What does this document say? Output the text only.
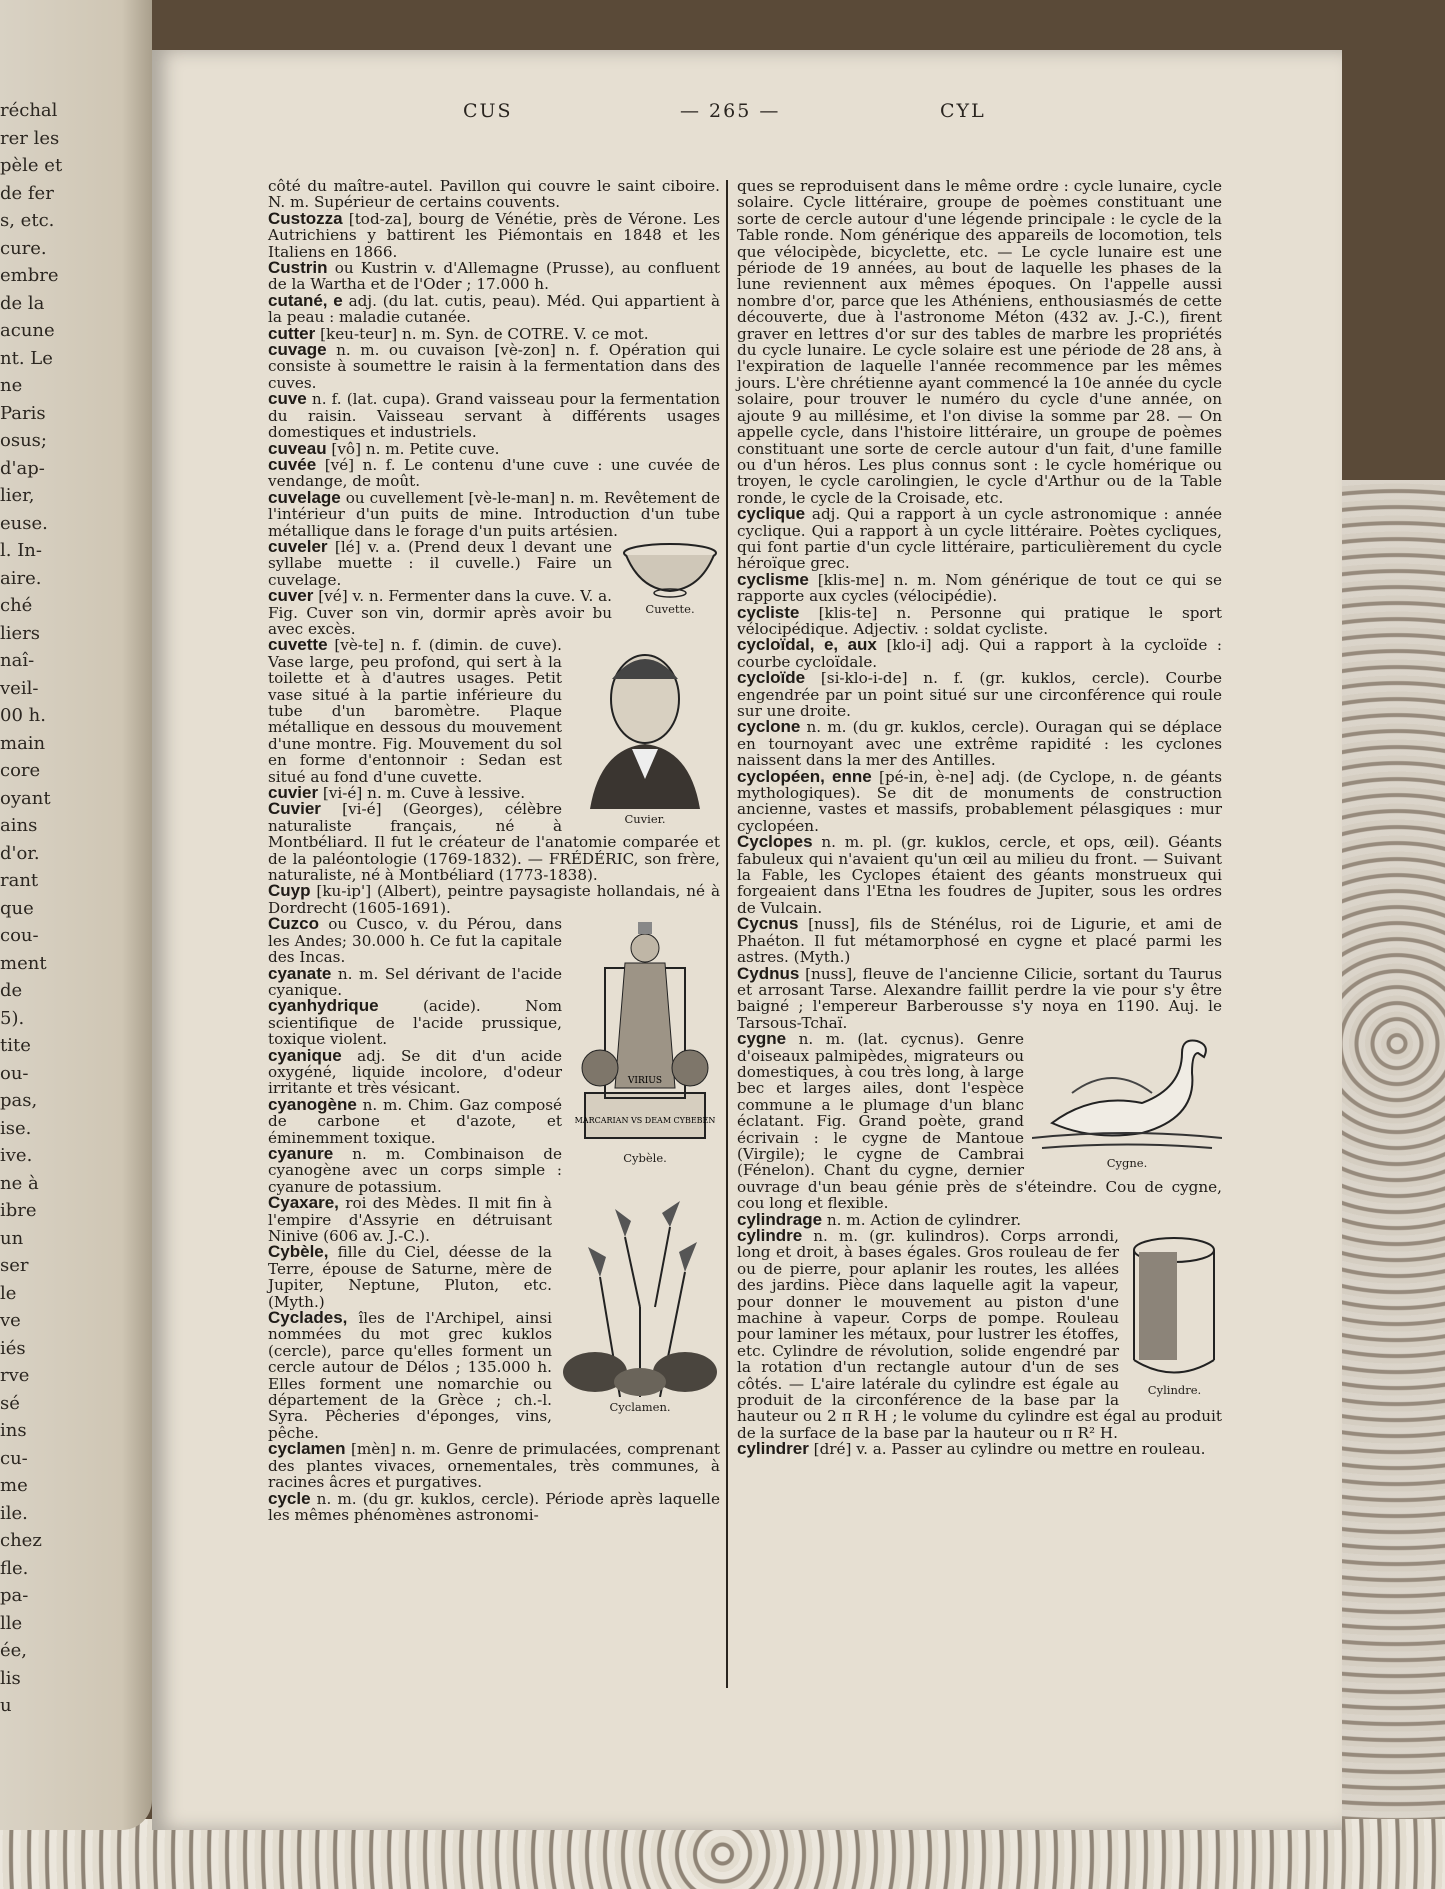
réchal
rer les
pèle et
de fer
s, etc.
cure.
embre
de la
acune
nt. Le
ne
Paris
osus;
d'ap-
lier,
euse.
l. In-
aire.
ché
liers
naî-
veil-
00 h.
main
core
oyant
ains
d'or.
rant
que
cou-
ment
de
5).
tite
ou-
pas,
ise.
ive.
ne à
ibre
un
ser
le
ve
iés
rve
sé
ins
cu-
me
ile.
chez
fle.
pa-
lle
ée,
lis
u
CUS	— 265 —	CYL

côté du maître-autel. Pavillon qui couvre le saint ciboire. N. m. Supérieur de certains couvents.

Custozza [tod-za], bourg de Vénétie, près de Vérone. Les Autrichiens y battirent les Piémontais en 1848 et les Italiens en 1866.

Custrin ou Kustrin v. d'Allemagne (Prusse), au confluent de la Wartha et de l'Oder ; 17.000 h.

cutané, e adj. (du lat. cutis, peau). Méd. Qui appartient à la peau : maladie cutanée.

cutter [keu-teur] n. m. Syn. de COTRE. V. ce mot.

cuvage n. m. ou cuvaison [vè-zon] n. f. Opération qui consiste à soumettre le raisin à la fermentation dans des cuves.

cuve n. f. (lat. cupa). Grand vaisseau pour la fermentation du raisin. Vaisseau servant à différents usages domestiques et industriels.

cuveau [vô] n. m. Petite cuve.

cuvée [vé] n. f. Le contenu d'une cuve : une cuvée de vendange, de moût.

cuvelage ou cuvellement [vè-le-man] n. m. Revêtement de l'intérieur d'un puits de mine. Introduction d'un tube métallique dans le forage d'un puits artésien.

Cuvette.

cuveler [lé] v. a. (Prend deux l devant une syllabe muette : il cuvelle.) Faire un cuvelage.

cuver [vé] v. n. Fermenter dans la cuve. V. a. Fig. Cuver son vin, dormir après avoir bu avec excès.

Cuvier.

cuvette [vè-te] n. f. (dimin. de cuve). Vase large, peu profond, qui sert à la toilette et à d'autres usages. Petit vase situé à la partie inférieure du tube d'un baromètre. Plaque métallique en dessous du mouvement d'une montre. Fig. Mouvement du sol en forme d'entonnoir : Sedan est situé au fond d'une cuvette.

cuvier [vi-é] n. m. Cuve à lessive.

Cuvier [vi-é] (Georges), célèbre naturaliste français, né à Montbéliard. Il fut le créateur de l'anatomie comparée et de la paléontologie (1769-1832). — FRÉDÉRIC, son frère, naturaliste, né à Montbéliard (1773-1838).

Cuyp [ku-ip'] (Albert), peintre paysagiste hollandais, né à Dordrecht (1605-1691).

VIRIUS
MARCARIAN VS DEAM CYBEBEN
Cybèle.

Cuzco ou Cusco, v. du Pérou, dans les Andes; 30.000 h. Ce fut la capitale des Incas.

cyanate n. m. Sel dérivant de l'acide cyanique.

cyanhydrique	(acide). Nom scientifique de l'acide prussique, toxique violent.

cyanique adj. Se dit d'un acide oxygéné, liquide incolore, d'odeur irritante et très vésicant.

cyanogène n. m. Chim. Gaz composé de carbone et d'azote, et éminemment toxique.

cyanure n. m. Combinaison de cyanogène avec un corps simple : cyanure de potassium.

Cyclamen.

Cyaxare, roi des Mèdes. Il mit fin à l'empire d'Assyrie en détruisant Ninive (606 av. J.-C.).

Cybèle, fille du Ciel, déesse de la Terre, épouse de Saturne, mère de Jupiter, Neptune, Pluton, etc. (Myth.)

Cyclades, îles de l'Archipel, ainsi nommées du mot grec kuklos (cercle), parce qu'elles forment un cercle autour de Délos ; 135.000 h. Elles forment une nomarchie ou département de la Grèce ; ch.-l. Syra. Pêcheries d'éponges, vins, pêche.

cyclamen [mèn] n. m. Genre de primulacées, comprenant des plantes vivaces, ornementales, très communes, à racines âcres et purgatives.

cycle n. m. (du gr. kuklos, cercle). Période après laquelle les mêmes phénomènes astronomi-

ques se reproduisent dans le même ordre : cycle lunaire, cycle solaire. Cycle littéraire, groupe de poèmes constituant une sorte de cercle autour d'une légende principale : le cycle de la Table ronde. Nom générique des appareils de locomotion, tels que vélocipède, bicyclette, etc. — Le cycle lunaire est une période de 19 années, au bout de laquelle les phases de la lune reviennent aux mêmes époques. On l'appelle aussi nombre d'or, parce que les Athéniens, enthousiasmés de cette découverte, due à l'astronome Méton (432 av. J.-C.), firent graver en lettres d'or sur des tables de marbre les propriétés du cycle lunaire. Le cycle solaire est une période de 28 ans, à l'expiration de laquelle l'année recommence par les mêmes jours. L'ère chrétienne ayant commencé la 10e année du cycle solaire, pour trouver le numéro du cycle d'une année, on ajoute 9 au millésime, et l'on divise la somme par 28. — On appelle cycle, dans l'histoire littéraire, un groupe de poèmes constituant une sorte de cercle autour d'un fait, d'une famille ou d'un héros. Les plus connus sont : le cycle homérique ou troyen, le cycle carolingien, le cycle d'Arthur ou de la Table ronde, le cycle de la Croisade, etc.

cyclique adj. Qui a rapport à un cycle astronomique : année cyclique. Qui a rapport à un cycle littéraire. Poètes cycliques, qui font partie d'un cycle littéraire, particulièrement du cycle héroïque grec.

cyclisme [klis-me] n. m. Nom générique de tout ce qui se rapporte aux cycles (vélocipédie).

cycliste [klis-te] n. Personne qui pratique le sport vélocipédique. Adjectiv. : soldat cycliste.

cycloïdal, e, aux [klo-i] adj. Qui a rapport à la cycloïde : courbe cycloïdale.

cycloïde [si-klo-i-de] n. f. (gr. kuklos, cercle). Courbe engendrée par un point situé sur une circonférence qui roule sur une droite.

cyclone n. m. (du gr. kuklos, cercle). Ouragan qui se déplace en tournoyant avec une extrême rapidité : les cyclones naissent dans la mer des Antilles.

cyclopéen, enne [pé-in, è-ne] adj. (de Cyclope, n. de géants mythologiques). Se dit de monuments de construction ancienne, vastes et massifs, probablement pélasgiques : mur cyclopéen.

Cyclopes n. m. pl. (gr. kuklos, cercle, et ops, œil). Géants fabuleux qui n'avaient qu'un œil au milieu du front. — Suivant la Fable, les Cyclopes étaient des géants monstrueux qui forgeaient dans l'Etna les foudres de Jupiter, sous les ordres de Vulcain.

Cycnus [nuss], fils de Sténélus, roi de Ligurie, et ami de Phaéton. Il fut métamorphosé en cygne et placé parmi les astres. (Myth.)

Cydnus [nuss], fleuve de l'ancienne Cilicie, sortant du Taurus et arrosant Tarse. Alexandre faillit perdre la vie pour s'y être baigné ; l'empereur Barberousse s'y noya en 1190. Auj. le Tarsous-Tchaï.

Cygne.

cygne n. m. (lat. cycnus). Genre d'oiseaux palmipèdes, migrateurs ou domestiques, à cou très long, à large bec et larges ailes, dont l'espèce commune a le plumage d'un blanc éclatant. Fig. Grand poète, grand écrivain : le cygne de Mantoue (Virgile); le cygne de Cambrai (Fénelon). Chant du cygne, dernier ouvrage d'un beau génie près de s'éteindre. Cou de cygne, cou long et flexible.

cylindrage n. m. Action de cylindrer.

Cylindre.

cylindre n. m. (gr. kulindros). Corps arrondi, long et droit, à bases égales. Gros rouleau de fer ou de pierre, pour aplanir les routes, les allées des jardins. Pièce dans laquelle agit la vapeur, pour donner le mouvement au piston d'une machine à vapeur. Corps de pompe. Rouleau pour laminer les métaux, pour lustrer les étoffes, etc. Cylindre de révolution, solide engendré par la rotation d'un rectangle autour d'un de ses côtés. — L'aire latérale du cylindre est égale au produit de la circonférence de la base par la hauteur ou 2 π R H ; le volume du cylindre est égal au produit de la surface de la base par la hauteur ou π R² H.

cylindrer [dré] v. a. Passer au cylindre ou mettre en rouleau.
